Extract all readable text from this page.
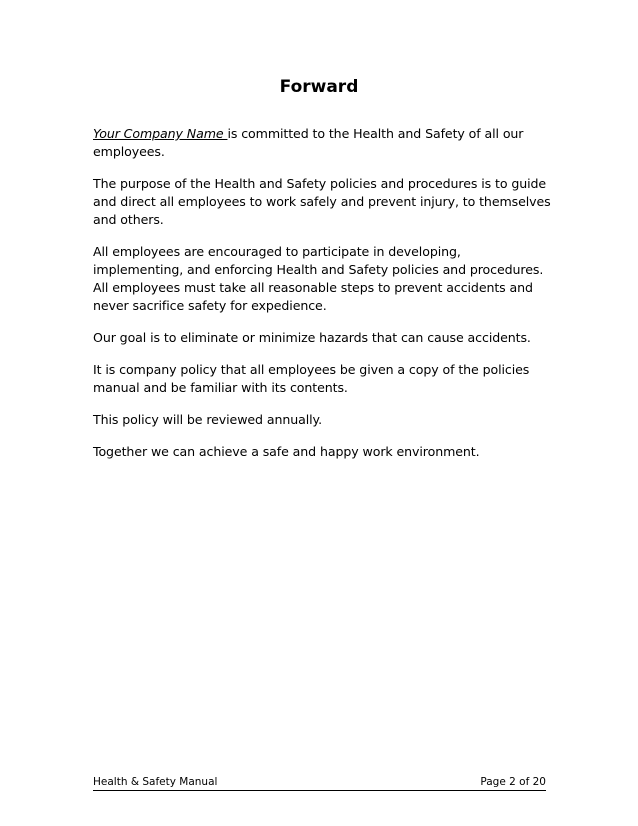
Forward

Your Company Name is committed to the Health and Safety of all our employees.

The purpose of the Health and Safety policies and procedures is to guide and direct all employees to work safely and prevent injury, to themselves and others.

All employees are encouraged to participate in developing, implementing, and enforcing Health and Safety policies and procedures.  All employees must take all reasonable steps to prevent accidents and never sacrifice safety for expedience.

Our goal is to eliminate or minimize hazards that can cause accidents.

It is company policy that all employees be given a copy of the policies manual and be familiar with its contents.

This policy will be reviewed annually.

Together we can achieve a safe and happy work environment.

Health & Safety Manual	Page 2 of 20
